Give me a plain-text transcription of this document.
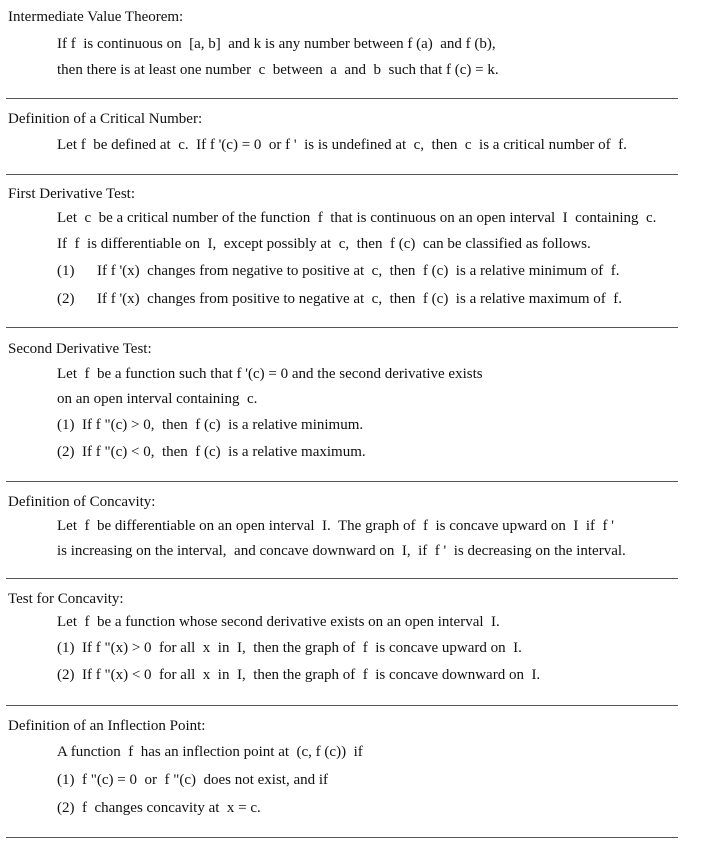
Intermediate Value Theorem:
If f  is continuous on  [a, b]  and k is any number between f (a)  and f (b),
then there is at least one number  c  between  a  and  b  such that f (c) = k.
Definition of a Critical Number:
Let f  be defined at  c.  If f '(c) = 0  or f '  is is undefined at  c,  then  c  is a critical number of  f.
First Derivative Test:
Let  c  be a critical number of the function  f  that is continuous on an open interval  I  containing  c.
If  f  is differentiable on  I,  except possibly at  c,  then  f (c)  can be classified as follows.
(1)      If f '(x)  changes from negative to positive at  c,  then  f (c)  is a relative minimum of  f.
(2)      If f '(x)  changes from positive to negative at  c,  then  f (c)  is a relative maximum of  f.
Second Derivative Test:
Let  f  be a function such that f '(c) = 0 and the second derivative exists
on an open interval containing  c.
(1)  If f "(c) > 0,  then  f (c)  is a relative minimum.
(2)  If f "(c) < 0,  then  f (c)  is a relative maximum.
Definition of Concavity:
Let  f  be differentiable on an open interval  I.  The graph of  f  is concave upward on  I  if  f '
is increasing on the interval,  and concave downward on  I,  if  f '  is decreasing on the interval.
Test for Concavity:
Let  f  be a function whose second derivative exists on an open interval  I.
(1)  If f "(x) > 0  for all  x  in  I,  then the graph of  f  is concave upward on  I.
(2)  If f "(x) < 0  for all  x  in  I,  then the graph of  f  is concave downward on  I.
Definition of an Inflection Point:
A function  f  has an inflection point at  (c, f (c))  if
(1)  f "(c) = 0  or  f "(c)  does not exist, and if
(2)  f  changes concavity at  x = c.
